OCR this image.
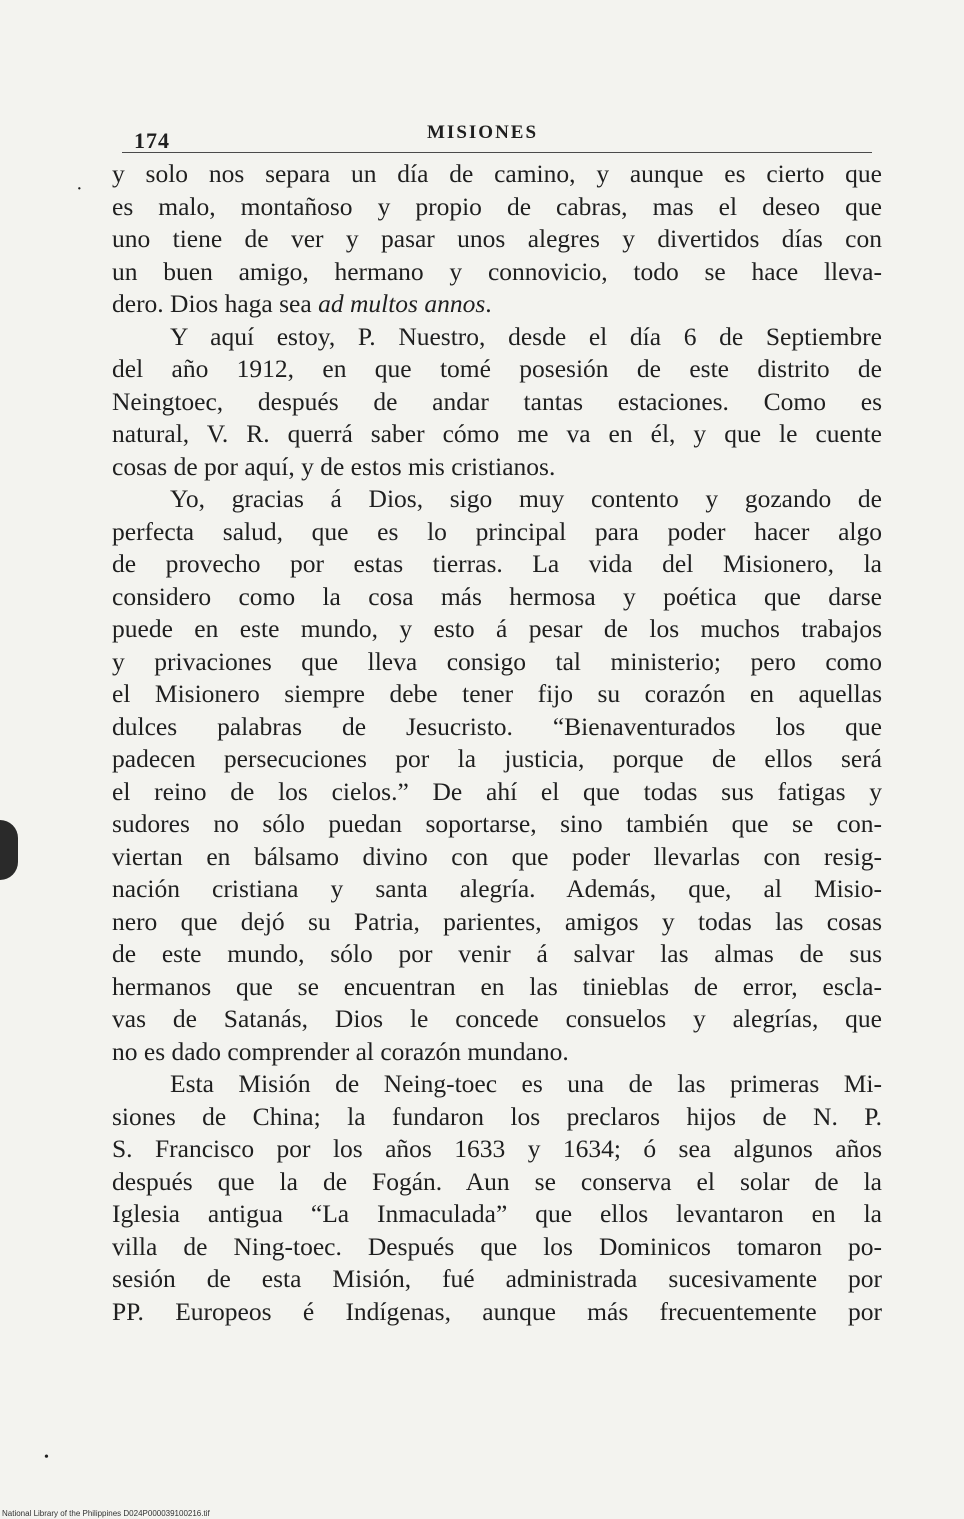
174	MISIONES
·
y solo nos separa un día de camino, y aunque es cierto que
es malo, montañoso y propio de cabras, mas el deseo que
uno tiene de ver y pasar unos alegres y divertidos días con
un buen amigo, hermano y connovicio, todo se hace lleva-
dero. Dios haga sea ad multos annos.
Y aquí estoy, P. Nuestro, desde el día 6 de Septiembre
del año 1912, en que tomé posesión de este distrito de
Neingtoec, después de andar tantas estaciones. Como es
natural, V. R. querrá saber cómo me va en él, y que le cuente
cosas de por aquí, y de estos mis cristianos.
Yo, gracias á Dios, sigo muy contento y gozando de
perfecta salud, que es lo principal para poder hacer algo
de provecho por estas tierras. La vida del Misionero, la
considero como la cosa más hermosa y poética que darse
puede en este mundo, y esto á pesar de los muchos trabajos
y privaciones que lleva consigo tal ministerio; pero como
el Misionero siempre debe tener fijo su corazón en aquellas
dulces palabras de Jesucristo. “Bienaventurados los que
padecen persecuciones por la justicia, porque de ellos será
el reino de los cielos.” De ahí el que todas sus fatigas y
sudores no sólo puedan soportarse, sino también que se con-
viertan en bálsamo divino con que poder llevarlas con resig-
nación cristiana y santa alegría. Además, que, al Misio-
nero que dejó su Patria, parientes, amigos y todas las cosas
de este mundo, sólo por venir á salvar las almas de sus
hermanos que se encuentran en las tinieblas de error, escla-
vas de Satanás, Dios le concede consuelos y alegrías, que
no es dado comprender al corazón mundano.
Esta Misión de Neing-toec es una de las primeras Mi-
siones de China; la fundaron los preclaros hijos de N. P.
S. Francisco por los años 1633 y 1634; ó sea algunos años
después que la de Fogán. Aun se conserva el solar de la
Iglesia antigua “La Inmaculada” que ellos levantaron en la
villa de Ning-toec. Después que los Dominicos tomaron po-
sesión de esta Misión, fué administrada sucesivamente por
PP. Europeos é Indígenas, aunque más frecuentemente por
•
National Library of the Philippines D024P000039100216.tif
